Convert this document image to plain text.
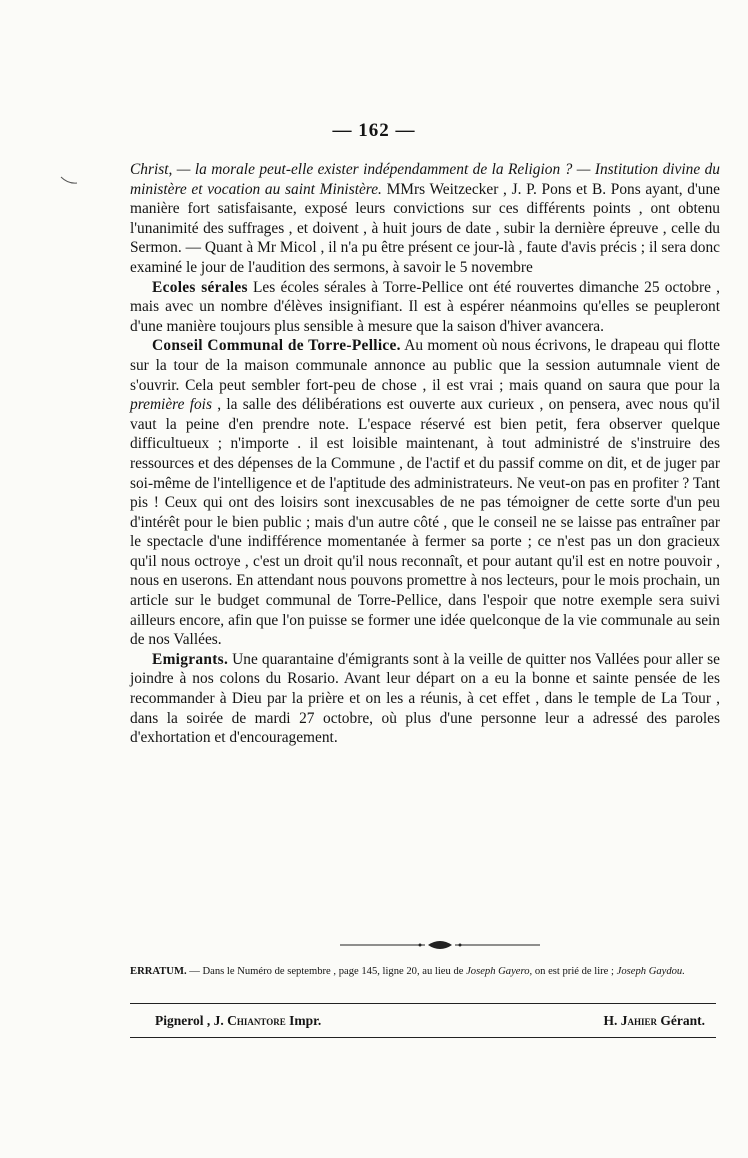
— 162 —

Christ, — la morale peut-elle exister indépendamment de la Religion ? — Institution divine du ministère et vocation au saint Ministère. MMrs Weitzecker , J. P. Pons et B. Pons ayant, d'une manière fort satisfaisante, exposé leurs convictions sur ces différents points , ont obtenu l'unanimité des suffrages , et doivent , à huit jours de date , subir la dernière épreuve , celle du Sermon. — Quant à Mr Micol , il n'a pu être présent ce jour-là , faute d'avis précis ; il sera donc examiné le jour de l'audition des sermons, à savoir le 5 novembre

Ecoles sérales Les écoles sérales à Torre-Pellice ont été rouvertes dimanche 25 octobre , mais avec un nombre d'élèves insignifiant. Il est à espérer néanmoins qu'elles se peupleront d'une manière toujours plus sensible à mesure que la saison d'hiver avancera.

Conseil Communal de Torre-Pellice. Au moment où nous écrivons, le drapeau qui flotte sur la tour de la maison communale annonce au public que la session autumnale vient de s'ouvrir. Cela peut sembler fort-peu de chose , il est vrai ; mais quand on saura que pour la première fois , la salle des délibérations est ouverte aux curieux , on pensera, avec nous qu'il vaut la peine d'en prendre note. L'espace réservé est bien petit, fera observer quelque difficultueux ; n'importe . il est loisible maintenant, à tout administré de s'instruire des ressources et des dépenses de la Commune , de l'actif et du passif comme on dit, et de juger par soi-même de l'intelligence et de l'aptitude des administrateurs. Ne veut-on pas en profiter ? Tant pis ! Ceux qui ont des loisirs sont inexcusables de ne pas témoigner de cette sorte d'un peu d'intérêt pour le bien public ; mais d'un autre côté , que le conseil ne se laisse pas entraîner par le spectacle d'une indifférence momentanée à fermer sa porte ; ce n'est pas un don gracieux qu'il nous octroye , c'est un droit qu'il nous reconnaît, et pour autant qu'il est en notre pouvoir , nous en userons. En attendant nous pouvons promettre à nos lecteurs, pour le mois prochain, un article sur le budget communal de Torre-Pellice, dans l'espoir que notre exemple sera suivi ailleurs encore, afin que l'on puisse se former une idée quelconque de la vie communale au sein de nos Vallées.

Emigrants. Une quarantaine d'émigrants sont à la veille de quitter nos Vallées pour aller se joindre à nos colons du Rosario. Avant leur départ on a eu la bonne et sainte pensée de les recommander à Dieu par la prière et on les a réunis, à cet effet , dans le temple de La Tour , dans la soirée de mardi 27 octobre, où plus d'une personne leur a adressé des paroles d'exhortation et d'encouragement.

ERRATUM. — Dans le Numéro de septembre , page 145, ligne 20, au lieu de Joseph Gayero, on est prié de lire ; Joseph Gaydou.
Pignerol , J. Chiantore Impr.	H. Jahier Gérant.
